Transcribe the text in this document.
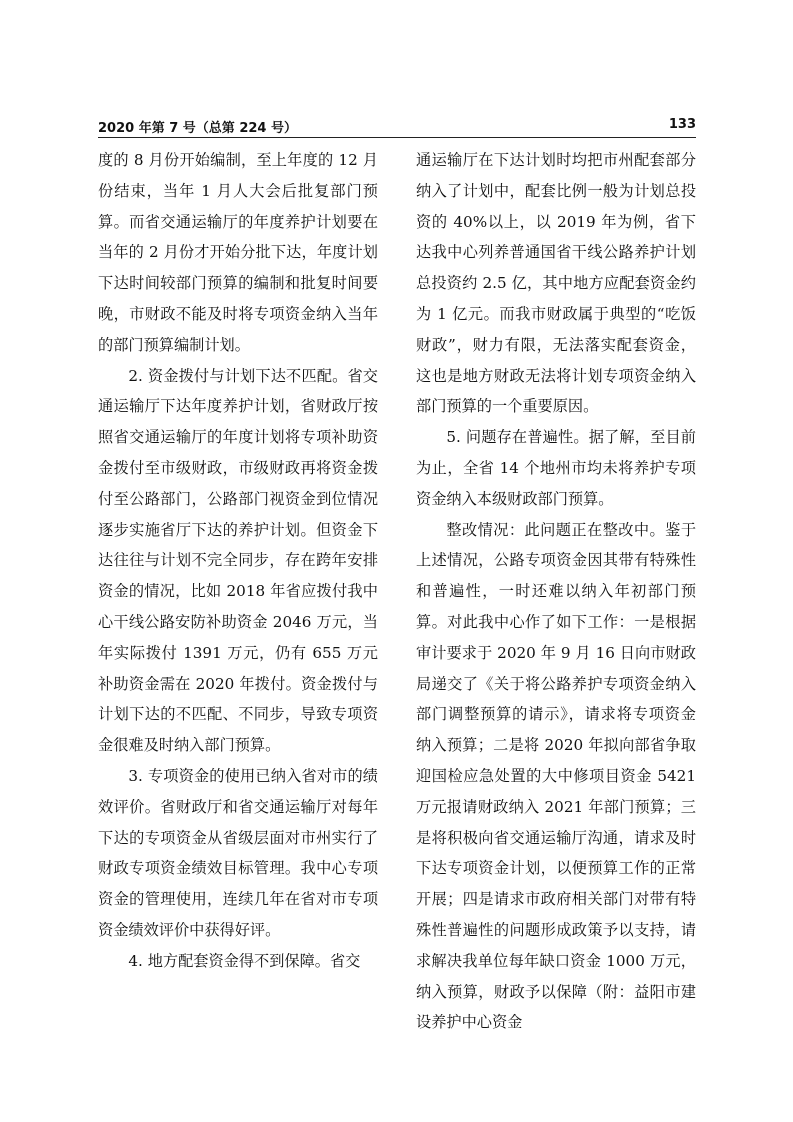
2020 年第 7 号（总第 224 号）	133

度的 8 月份开始编制，至上年度的 12 月份结束，当年 1 月人大会后批复部门预算。而省交通运输厅的年度养护计划要在当年的 2 月份才开始分批下达，年度计划下达时间较部门预算的编制和批复时间要晚，市财政不能及时将专项资金纳入当年的部门预算编制计划。

2. 资金拨付与计划下达不匹配。省交通运输厅下达年度养护计划，省财政厅按照省交通运输厅的年度计划将专项补助资金拨付至市级财政，市级财政再将资金拨付至公路部门，公路部门视资金到位情况逐步实施省厅下达的养护计划。但资金下达往往与计划不完全同步，存在跨年安排资金的情况，比如 2018 年省应拨付我中心干线公路安防补助资金 2046 万元，当年实际拨付 1391 万元，仍有 655 万元补助资金需在 2020 年拨付。资金拨付与计划下达的不匹配、不同步，导致专项资金很难及时纳入部门预算。

3. 专项资金的使用已纳入省对市的绩效评价。省财政厅和省交通运输厅对每年下达的专项资金从省级层面对市州实行了财政专项资金绩效目标管理。我中心专项资金的管理使用，连续几年在省对市专项资金绩效评价中获得好评。

4. 地方配套资金得不到保障。省交

通运输厅在下达计划时均把市州配套部分纳入了计划中，配套比例一般为计划总投资的 40%以上，以 2019 年为例，省下达我中心列养普通国省干线公路养护计划总投资约 2.5 亿，其中地方应配套资金约为 1 亿元。而我市财政属于典型的“吃饭财政”，财力有限，无法落实配套资金，这也是地方财政无法将计划专项资金纳入部门预算的一个重要原因。

5. 问题存在普遍性。据了解，至目前为止，全省 14 个地州市均未将养护专项资金纳入本级财政部门预算。

整改情况：此问题正在整改中。鉴于上述情况，公路专项资金因其带有特殊性和普遍性，一时还难以纳入年初部门预算。对此我中心作了如下工作：一是根据审计要求于 2020 年 9 月 16 日向市财政局递交了《关于将公路养护专项资金纳入部门调整预算的请示》，请求将专项资金纳入预算；二是将 2020 年拟向部省争取迎国检应急处置的大中修项目资金 5421 万元报请财政纳入 2021 年部门预算；三是将积极向省交通运输厅沟通，请求及时下达专项资金计划，以便预算工作的正常开展；四是请求市政府相关部门对带有特殊性普遍性的问题形成政策予以支持，请求解决我单位每年缺口资金 1000 万元，纳入预算，财政予以保障（附：益阳市建设养护中心资金
